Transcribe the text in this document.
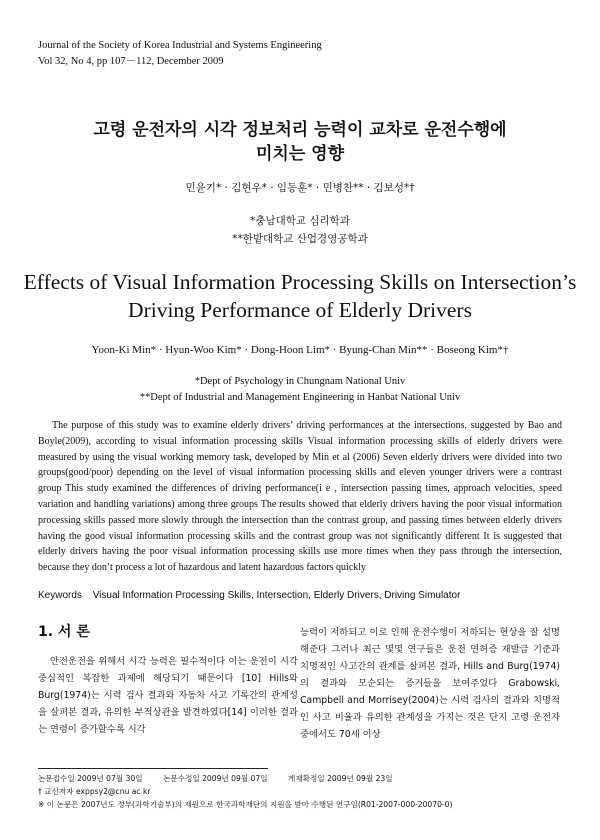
Journal of the Society of Korea Industrial and Systems Engineering
Vol 32, No 4, pp 107－112, December 2009
고령 운전자의 시각 정보처리 능력이 교차로 운전수행에
미치는 영향
민윤기* · 김현우* · 임동훈* · 민병찬** · 김보성*†
*충남대학교 심리학과
**한밭대학교 산업경영공학과
Effects of Visual Information Processing Skills on Intersection’s
Driving Performance of Elderly Drivers
Yoon-Ki Min* · Hyun-Woo Kim* · Dong-Hoon Lim* · Byung-Chan Min** · Boseong Kim*†
*Dept of Psychology in Chungnam National Univ
**Dept of Industrial and Management Engineering in Hanbat National Univ

The purpose of this study was to examine elderly drivers’ driving performances at the intersections, suggested by Bao and Boyle(2009), according to visual information processing skills Visual information processing skills of elderly drivers were measured by using the visual working memory task, developed by Min et al (2006) Seven elderly drivers were divided into two groups(good/poor) depending on the level of visual information processing skills and eleven younger drivers were a contrast group This study examined the differences of driving performance(i e , intersection passing times, approach velocities, speed variation and handling variations) among three groups The results showed that elderly drivers having the poor visual information processing skills passed more slowly through the intersection than the contrast group, and passing times between elderly drivers having the good visual information processing skills and the contrast group was not significantly different It is suggested that elderly drivers having the poor visual information processing skills use more times when they pass through the intersection, because they don’t process a lot of hazardous and latent hazardous factors quickly

Keywords Visual Information Processing Skills, Intersection, Elderly Drivers, Driving Simulator
1. 서 론

안전운전을 위해서 시각 능력은 필수적이다 이는 운전이 시각 중심적인 복잡한 과제에 해당되기 때문이다 [10] Hills와 Burg(1974)는 시력 검사 결과와 자동차 사고 기록간의 관계성을 살펴본 결과, 유의한 부적상관을 발견하였다[14] 이러한 결과는 연령이 증가할수록 시각

능력이 저하되고 이로 인해 운전수행이 저하되는 현상을 잘 설명해준다 그러나 최근 몇몇 연구들은 운전 면허증 재발급 기준과 치명적인 사고간의 관계를 살펴본 결과, Hills and Burg(1974)의 결과와 모순되는 증거들을 보여주었다 Grabowski, Campbell and Morrisey(2004)는 시력 검사의 결과와 치명적인 사고 비율과 유의한 관계성을 가지는 것은 단지 고령 운전자 중에서도 70세 이상

논문접수일 2009년 07월 30일	논문수정일 2009년 09월 07일	게재확정일 2009년 09월 23일
† 교신저자 exppsy2@cnu ac kr
※ 이 논문은 2007년도 정부(과학기술부)의 재원으로 한국과학재단의 지원을 받아 수행된 연구임(R01-2007-000-20070-0)
